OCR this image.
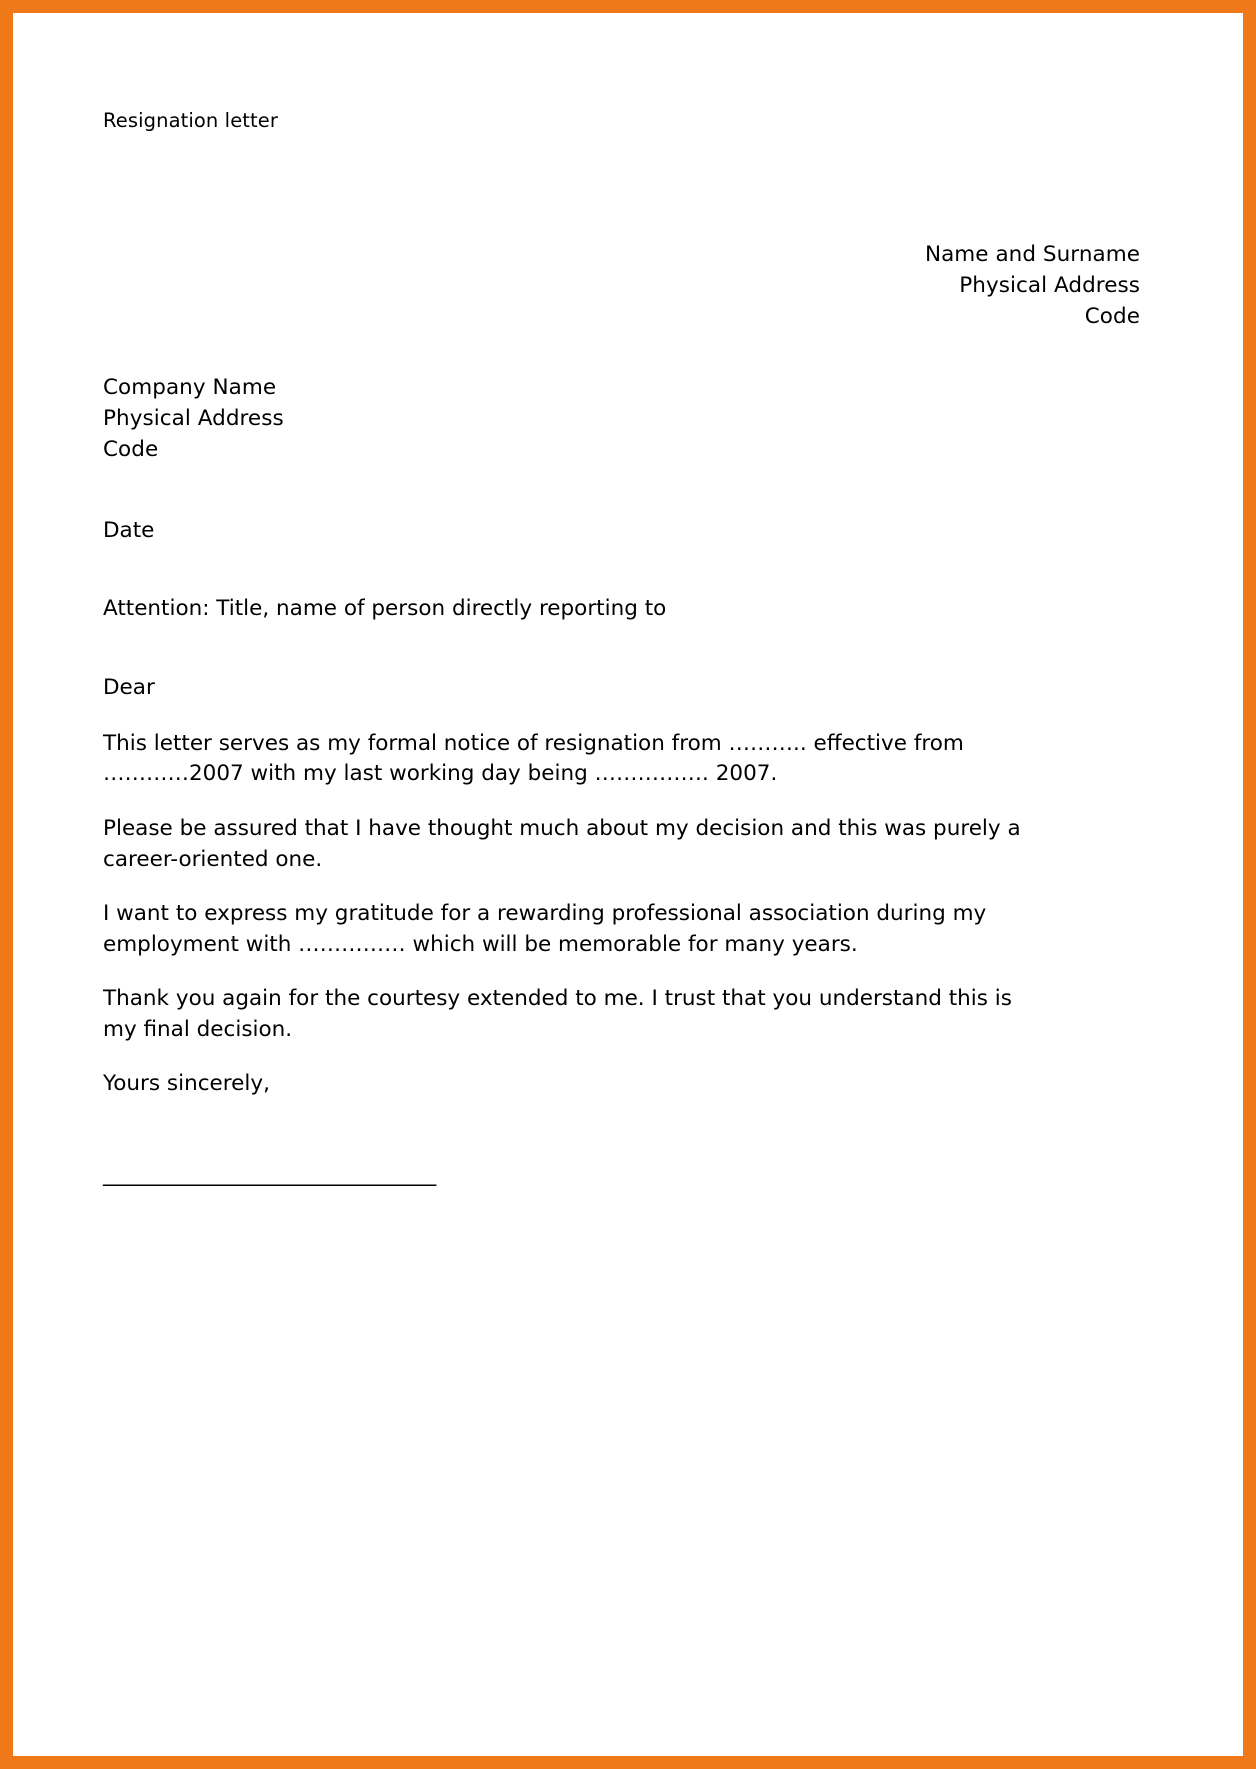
Resignation letter
Name and Surname
Physical Address
Code
Company Name
Physical Address
Code
Date
Attention: Title, name of person directly reporting to
Dear
This letter serves as my formal notice of resignation from ……….. effective from …………2007 with my last working day being ……………. 2007.
Please be assured that I have thought much about my decision and this was purely a career-oriented one.
I want to express my gratitude for a rewarding professional association during my employment with …………… which will be memorable for many years.
Thank you again for the courtesy extended to me. I trust that you understand this is my final decision.
Yours sincerely,
_______________________________
